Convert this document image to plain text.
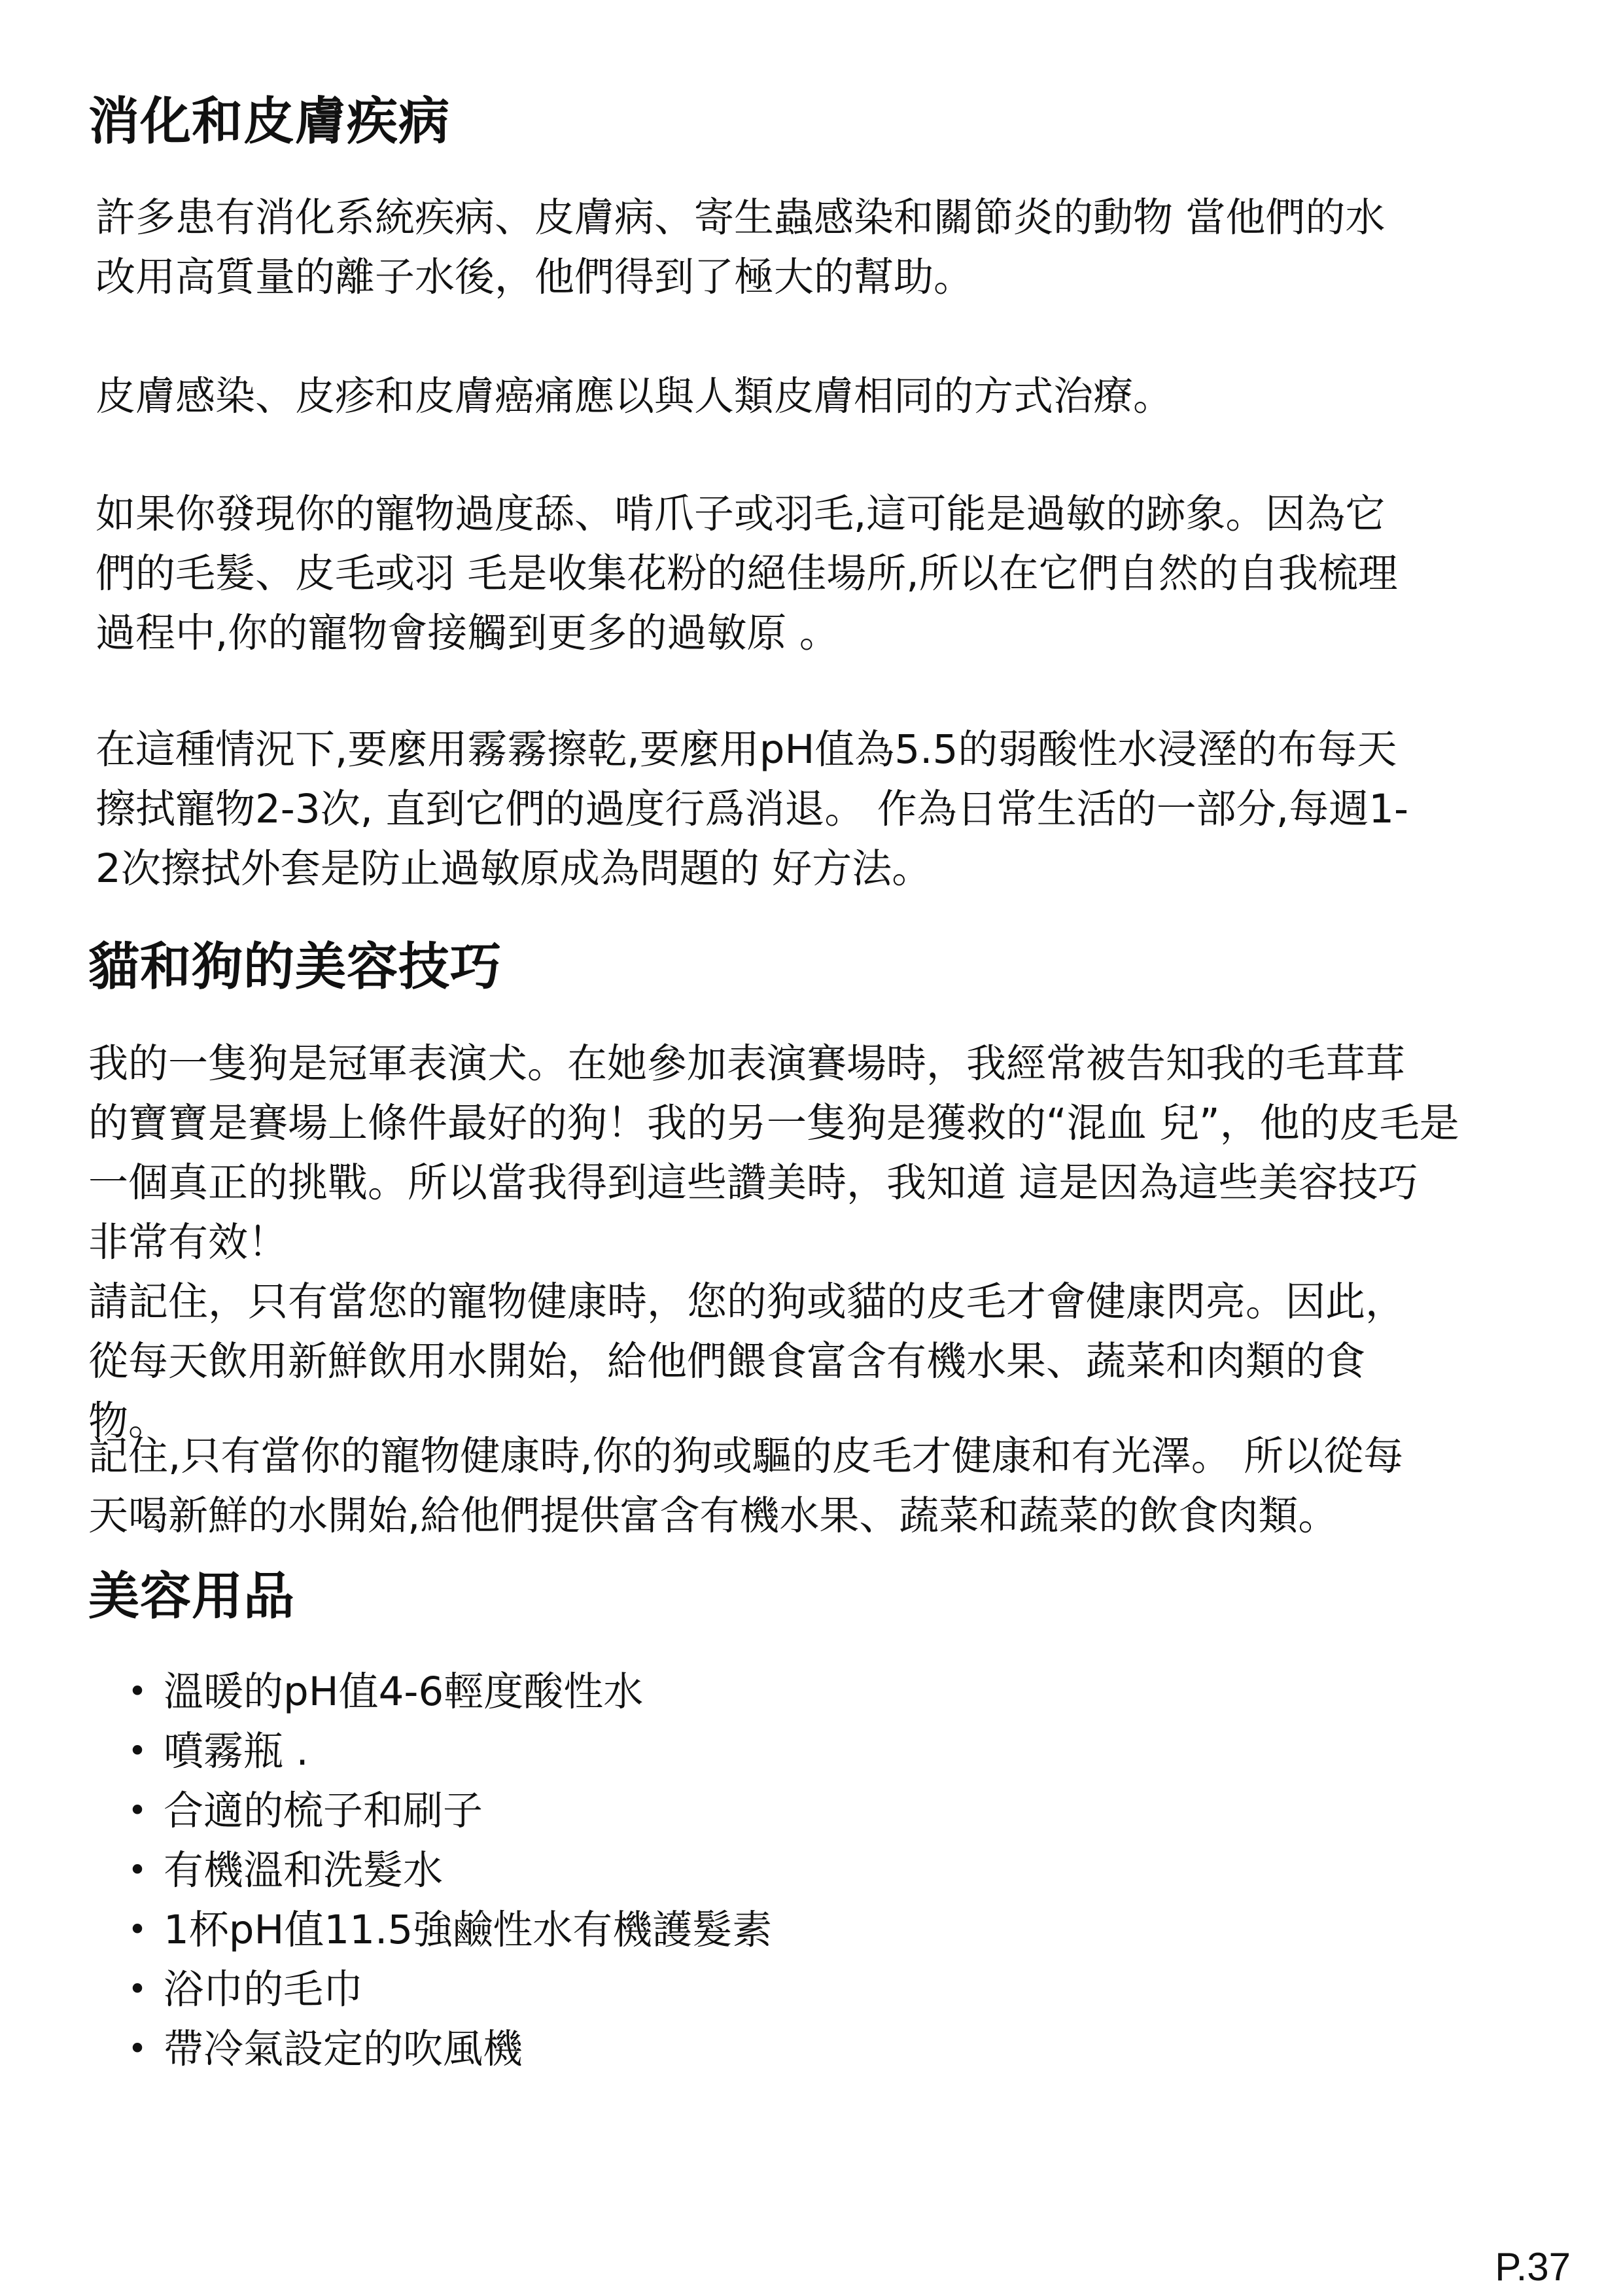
消化和皮膚疾病

許多患有消化系統疾病、皮膚病、寄生蟲感染和關節炎的動物 當他們的水
改用高質量的離子水後，他們得到了極大的幫助。

皮膚感染、皮疹和皮膚癌痛應以與人類皮膚相同的方式治療。

如果你發現你的寵物過度舔、啃爪子或羽毛,這可能是過敏的跡象。因為它
們的毛髮、皮毛或羽 毛是收集花粉的絕佳場所,所以在它們自然的自我梳理
過程中,你的寵物會接觸到更多的過敏原 。

在這種情況下,要麼用霧霧擦乾,要麼用pH值為5.5的弱酸性水浸溼的布每天
擦拭寵物2-3次, 直到它們的過度行爲消退。 作為日常生活的一部分,每週1-
2次擦拭外套是防止過敏原成為問題的 好方法。

貓和狗的美容技巧

我的一隻狗是冠軍表演犬。在她參加表演賽場時，我經常被告知我的毛茸茸
的寶寶是賽場上條件最好的狗！我的另一隻狗是獲救的“混血 兒”，他的皮毛是
一個真正的挑戰。所以當我得到這些讚美時，我知道 這是因為這些美容技巧
非常有效！

請記住，只有當您的寵物健康時，您的狗或貓的皮毛才會健康閃亮。因此，
從每天飲用新鮮飲用水開始，給他們餵食富含有機水果、蔬菜和肉類的食
物。

記住,只有當你的寵物健康時,你的狗或驅的皮毛才健康和有光澤。 所以從每
天喝新鮮的水開始,給他們提供富含有機水果、蔬菜和蔬菜的飲食肉類。

美容用品
• 溫暖的pH值4-6輕度酸性水
• 噴霧瓶 .
• 合適的梳子和刷子
• 有機溫和洗髮水
• 1杯pH值11.5強鹼性水有機護髮素
• 浴巾的毛巾
• 帶冷氣設定的吹風機
P.37
